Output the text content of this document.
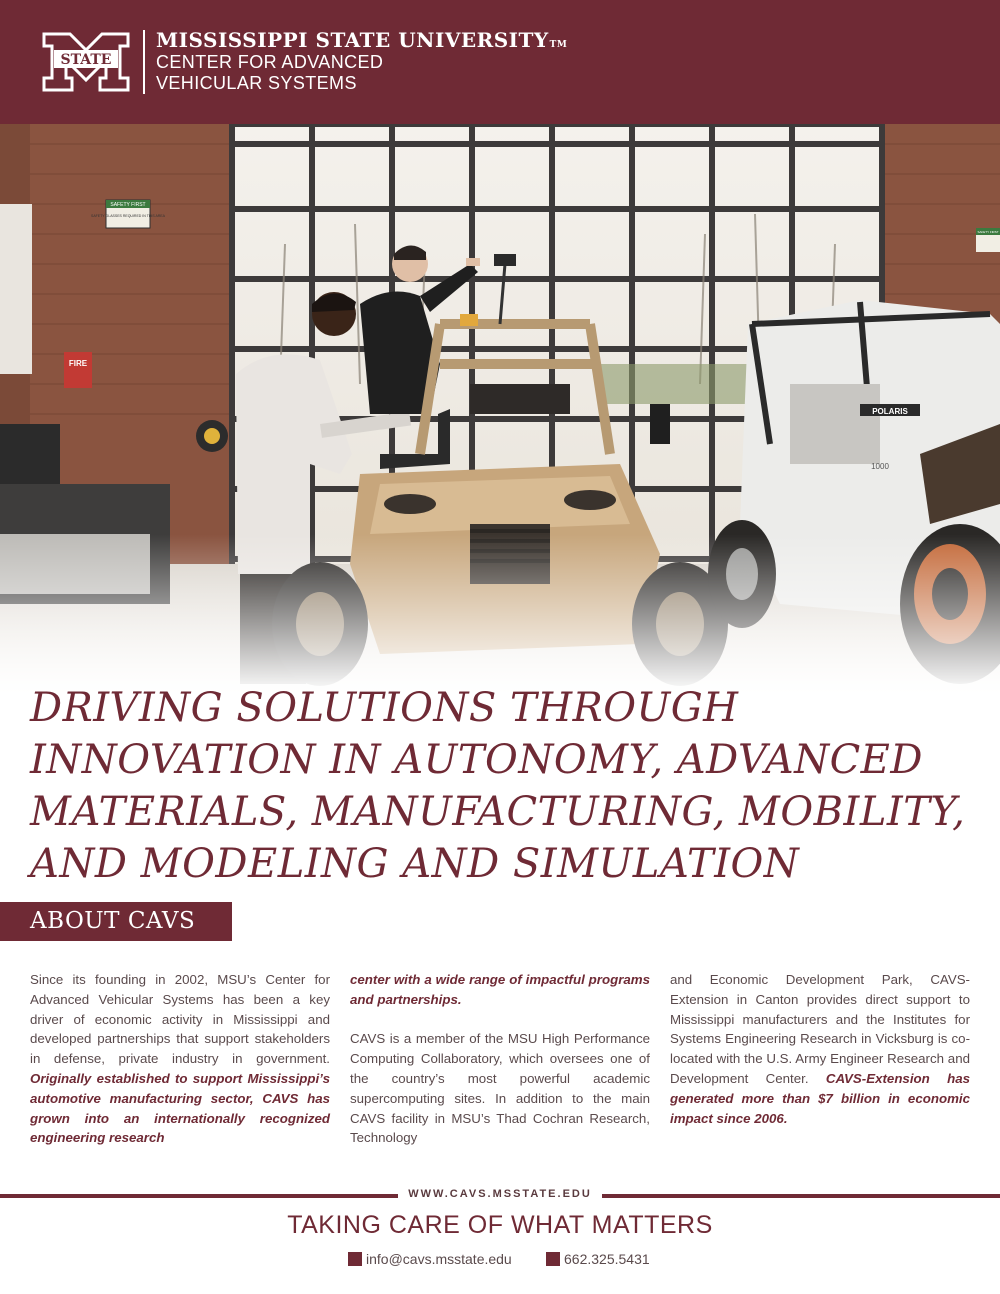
STATE
MISSISSIPPI STATE UNIVERSITYTM
CENTER FOR ADVANCED
VEHICULAR SYSTEMS
DRIVING SOLUTIONS THROUGH
INNOVATION IN AUTONOMY, ADVANCED
MATERIALS, MANUFACTURING, MOBILITY,
AND MODELING AND SIMULATION
ABOUT CAVS

Since its founding in 2002, MSU’s Center for Advanced Vehicular Systems has been a key driver of economic activity in Mississippi and developed partnerships that support stakeholders in defense, private industry in government. Originally established to support Mississippi’s automotive manufacturing sector, CAVS has grown into an internationally recognized engineering research

center with a wide range of impactful programs and partnerships.

CAVS is a member of the MSU High Performance Computing Collaboratory, which oversees one of the country’s most powerful academic supercomputing sites. In addition to the main CAVS facility in MSU’s Thad Cochran Research, Technology

and Economic Development Park, CAVS-Extension in Canton provides direct support to Mississippi manufacturers and the Institutes for Systems Engineering Research in Vicksburg is co-located with the U.S. Army Engineer Research and Development Center. CAVS-Extension has generated more than $7 billion in economic impact since 2006.

WWW.CAVS.MSSTATE.EDU
TAKING CARE OF WHAT MATTERS
info@cavs.msstate.edu	662.325.5431
